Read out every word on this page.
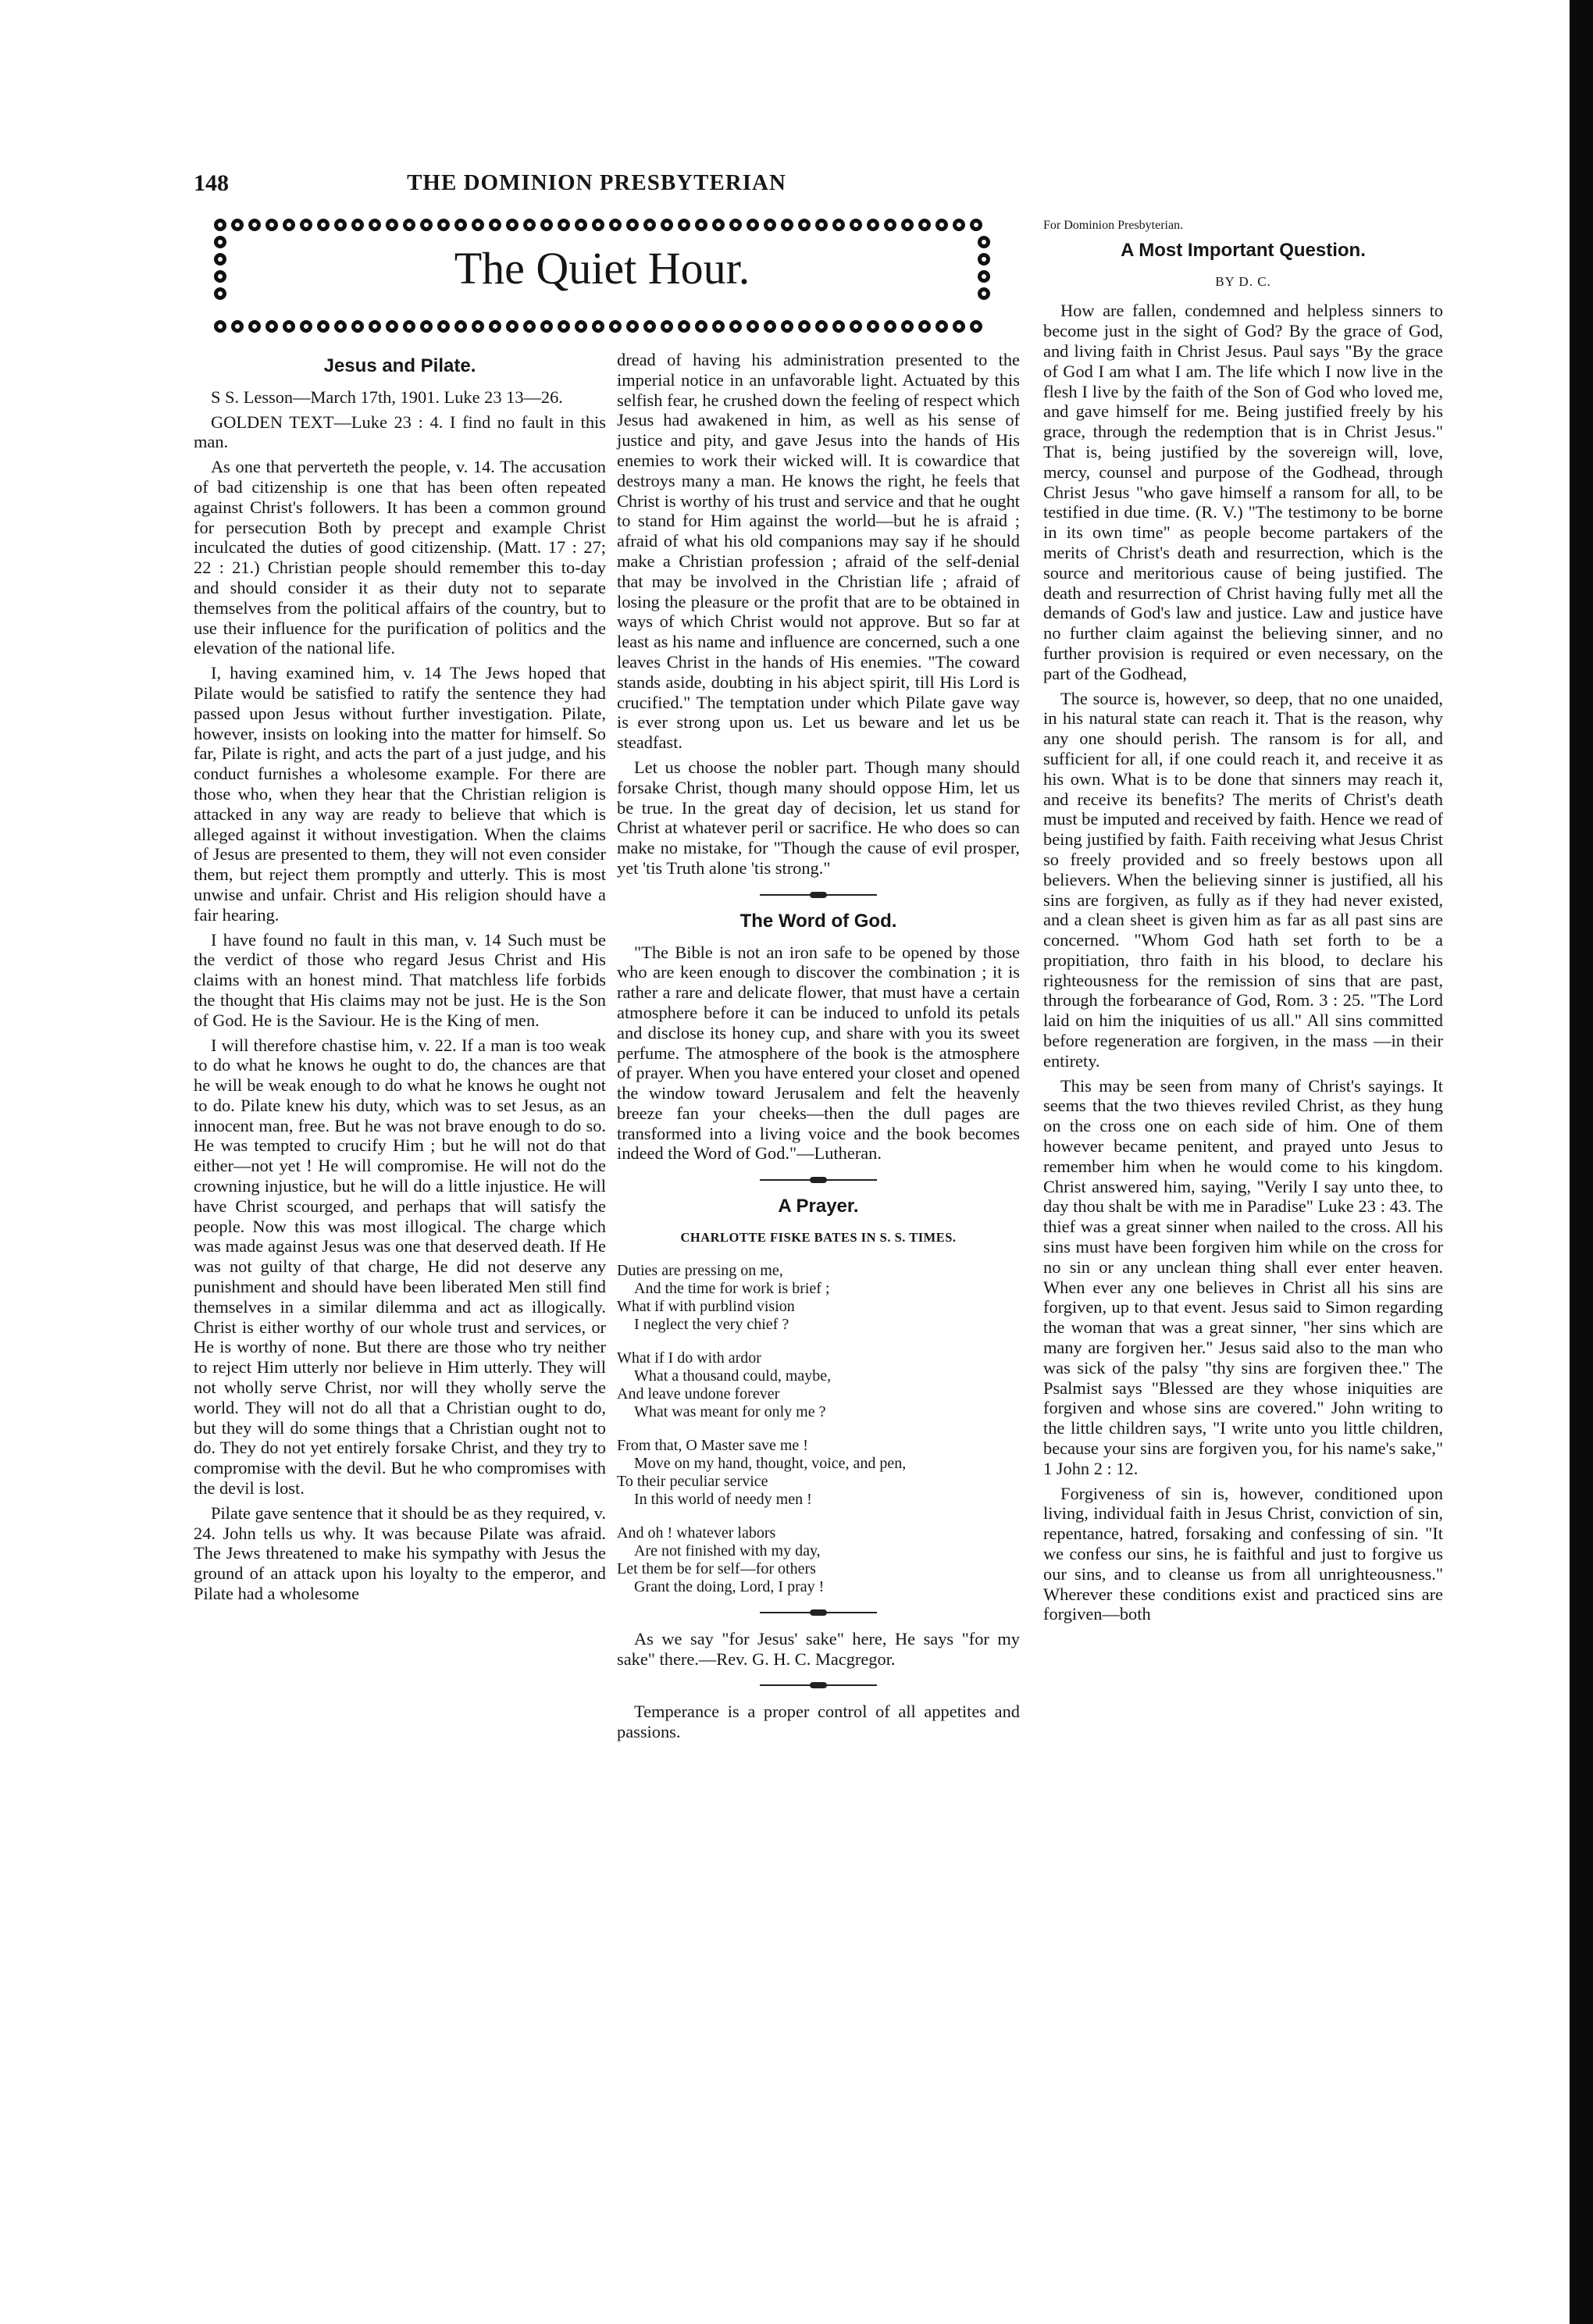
148	THE DOMINION PRESBYTERIAN
The Quiet Hour.
Jesus and Pilate.

S S. Lesson—March 17th, 1901. Luke 23 13—26.

GOLDEN TEXT—Luke 23 : 4. I find no fault in this man.

As one that perverteth the people, v. 14. The accusation of bad citizenship is one that has been often repeated against Christ's followers. It has been a common ground for persecution Both by precept and example Christ inculcated the duties of good citizenship. (Matt. 17 : 27; 22 : 21.) Christian people should remember this to-day and should consider it as their duty not to separate themselves from the political affairs of the country, but to use their influence for the purification of politics and the elevation of the national life.

I, having examined him, v. 14 The Jews hoped that Pilate would be satisfied to ratify the sentence they had passed upon Jesus without further investigation. Pilate, however, insists on looking into the matter for himself. So far, Pilate is right, and acts the part of a just judge, and his conduct furnishes a wholesome example. For there are those who, when they hear that the Christian religion is attacked in any way are ready to believe that which is alleged against it without investigation. When the claims of Jesus are presented to them, they will not even consider them, but reject them promptly and utterly. This is most unwise and unfair. Christ and His religion should have a fair hearing.

I have found no fault in this man, v. 14 Such must be the verdict of those who regard Jesus Christ and His claims with an honest mind. That matchless life forbids the thought that His claims may not be just. He is the Son of God. He is the Saviour. He is the King of men.

I will therefore chastise him, v. 22. If a man is too weak to do what he knows he ought to do, the chances are that he will be weak enough to do what he knows he ought not to do. Pilate knew his duty, which was to set Jesus, as an innocent man, free. But he was not brave enough to do so. He was tempted to crucify Him ; but he will not do that either—not yet ! He will compromise. He will not do the crowning injustice, but he will do a little injustice. He will have Christ scourged, and perhaps that will satisfy the people. Now this was most illogical. The charge which was made against Jesus was one that deserved death. If He was not guilty of that charge, He did not deserve any punishment and should have been liberated Men still find themselves in a similar dilemma and act as illogically. Christ is either worthy of our whole trust and services, or He is worthy of none. But there are those who try neither to reject Him utterly nor believe in Him utterly. They will not wholly serve Christ, nor will they wholly serve the world. They will not do all that a Christian ought to do, but they will do some things that a Christian ought not to do. They do not yet entirely forsake Christ, and they try to compromise with the devil. But he who compromises with the devil is lost.

Pilate gave sentence that it should be as they required, v. 24. John tells us why. It was because Pilate was afraid. The Jews threatened to make his sympathy with Jesus the ground of an attack upon his loyalty to the emperor, and Pilate had a wholesome

dread of having his administration presented to the imperial notice in an unfavorable light. Actuated by this selfish fear, he crushed down the feeling of respect which Jesus had awakened in him, as well as his sense of justice and pity, and gave Jesus into the hands of His enemies to work their wicked will. It is cowardice that destroys many a man. He knows the right, he feels that Christ is worthy of his trust and service and that he ought to stand for Him against the world—but he is afraid ; afraid of what his old companions may say if he should make a Christian profession ; afraid of the self-denial that may be involved in the Christian life ; afraid of losing the pleasure or the profit that are to be obtained in ways of which Christ would not approve. But so far at least as his name and influence are concerned, such a one leaves Christ in the hands of His enemies. "The coward stands aside, doubting in his abject spirit, till His Lord is crucified." The temptation under which Pilate gave way is ever strong upon us. Let us beware and let us be steadfast.

Let us choose the nobler part. Though many should forsake Christ, though many should oppose Him, let us be true. In the great day of decision, let us stand for Christ at whatever peril or sacrifice. He who does so can make no mistake, for "Though the cause of evil prosper, yet 'tis Truth alone 'tis strong."

The Word of God.

"The Bible is not an iron safe to be opened by those who are keen enough to discover the combination ; it is rather a rare and delicate flower, that must have a certain atmosphere before it can be induced to unfold its petals and disclose its honey cup, and share with you its sweet perfume. The atmosphere of the book is the atmosphere of prayer. When you have entered your closet and opened the window toward Jerusalem and felt the heavenly breeze fan your cheeks—then the dull pages are transformed into a living voice and the book becomes indeed the Word of God."—Lutheran.

A Prayer.
CHARLOTTE FISKE BATES IN S. S. TIMES.
Duties are pressing on me,
And the time for work is brief ;
What if with purblind vision
I neglect the very chief ?
What if I do with ardor
What a thousand could, maybe,
And leave undone forever
What was meant for only me ?
From that, O Master save me !
Move on my hand, thought, voice, and pen,
To their peculiar service
In this world of needy men !
And oh ! whatever labors
Are not finished with my day,
Let them be for self—for others
Grant the doing, Lord, I pray !

As we say "for Jesus' sake" here, He says "for my sake" there.—Rev. G. H. C. Macgregor.

Temperance is a proper control of all appetites and passions.

For Dominion Presbyterian.
A Most Important Question.
BY D. C.

How are fallen, condemned and helpless sinners to become just in the sight of God? By the grace of God, and living faith in Christ Jesus. Paul says "By the grace of God I am what I am. The life which I now live in the flesh I live by the faith of the Son of God who loved me, and gave himself for me. Being justified freely by his grace, through the redemption that is in Christ Jesus." That is, being justified by the sovereign will, love, mercy, counsel and purpose of the Godhead, through Christ Jesus "who gave himself a ransom for all, to be testified in due time. (R. V.) "The testimony to be borne in its own time" as people become partakers of the merits of Christ's death and resurrection, which is the source and meritorious cause of being justified. The death and resurrection of Christ having fully met all the demands of God's law and justice. Law and justice have no further claim against the believing sinner, and no further provision is required or even necessary, on the part of the Godhead,

The source is, however, so deep, that no one unaided, in his natural state can reach it. That is the reason, why any one should perish. The ransom is for all, and sufficient for all, if one could reach it, and receive it as his own. What is to be done that sinners may reach it, and receive its benefits? The merits of Christ's death must be imputed and received by faith. Hence we read of being justified by faith. Faith receiving what Jesus Christ so freely provided and so freely bestows upon all believers. When the believing sinner is justified, all his sins are forgiven, as fully as if they had never existed, and a clean sheet is given him as far as all past sins are concerned. "Whom God hath set forth to be a propitiation, thro faith in his blood, to declare his righteousness for the remission of sins that are past, through the forbearance of God, Rom. 3 : 25. "The Lord laid on him the iniquities of us all." All sins committed before regeneration are forgiven, in the mass —in their entirety.

This may be seen from many of Christ's sayings. It seems that the two thieves reviled Christ, as they hung on the cross one on each side of him. One of them however became penitent, and prayed unto Jesus to remember him when he would come to his kingdom. Christ answered him, saying, "Verily I say unto thee, to day thou shalt be with me in Paradise" Luke 23 : 43. The thief was a great sinner when nailed to the cross. All his sins must have been forgiven him while on the cross for no sin or any unclean thing shall ever enter heaven. When ever any one believes in Christ all his sins are forgiven, up to that event. Jesus said to Simon regarding the woman that was a great sinner, "her sins which are many are forgiven her." Jesus said also to the man who was sick of the palsy "thy sins are forgiven thee." The Psalmist says "Blessed are they whose iniquities are forgiven and whose sins are covered." John writing to the little children says, "I write unto you little children, because your sins are forgiven you, for his name's sake," 1 John 2 : 12.

Forgiveness of sin is, however, conditioned upon living, individual faith in Jesus Christ, conviction of sin, repentance, hatred, forsaking and confessing of sin. "It we confess our sins, he is faithful and just to forgive us our sins, and to cleanse us from all unrighteousness." Wherever these conditions exist and practiced sins are forgiven—both
